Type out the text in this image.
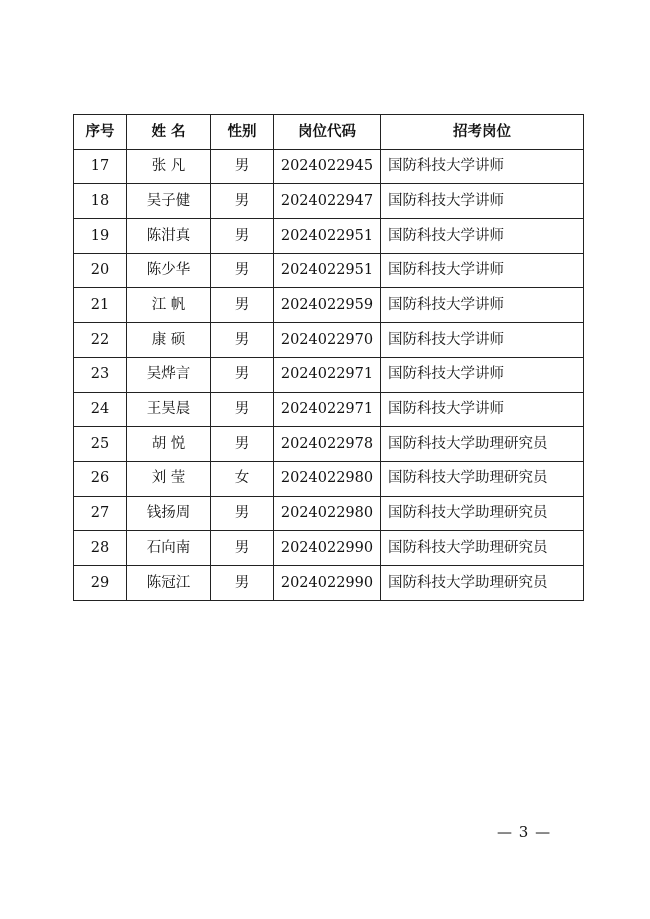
序号	姓 名	性别	岗位代码	招考岗位
17	张 凡	男	2024022945	国防科技大学讲师
18	吴子健	男	2024022947	国防科技大学讲师
19	陈泔真	男	2024022951	国防科技大学讲师
20	陈少华	男	2024022951	国防科技大学讲师
21	江 帆	男	2024022959	国防科技大学讲师
22	康 硕	男	2024022970	国防科技大学讲师
23	吴烨言	男	2024022971	国防科技大学讲师
24	王昊晨	男	2024022971	国防科技大学讲师
25	胡 悦	男	2024022978	国防科技大学助理研究员
26	刘 莹	女	2024022980	国防科技大学助理研究员
27	钱扬周	男	2024022980	国防科技大学助理研究员
28	石向南	男	2024022990	国防科技大学助理研究员
29	陈冠江	男	2024022990	国防科技大学助理研究员
— 3 —
